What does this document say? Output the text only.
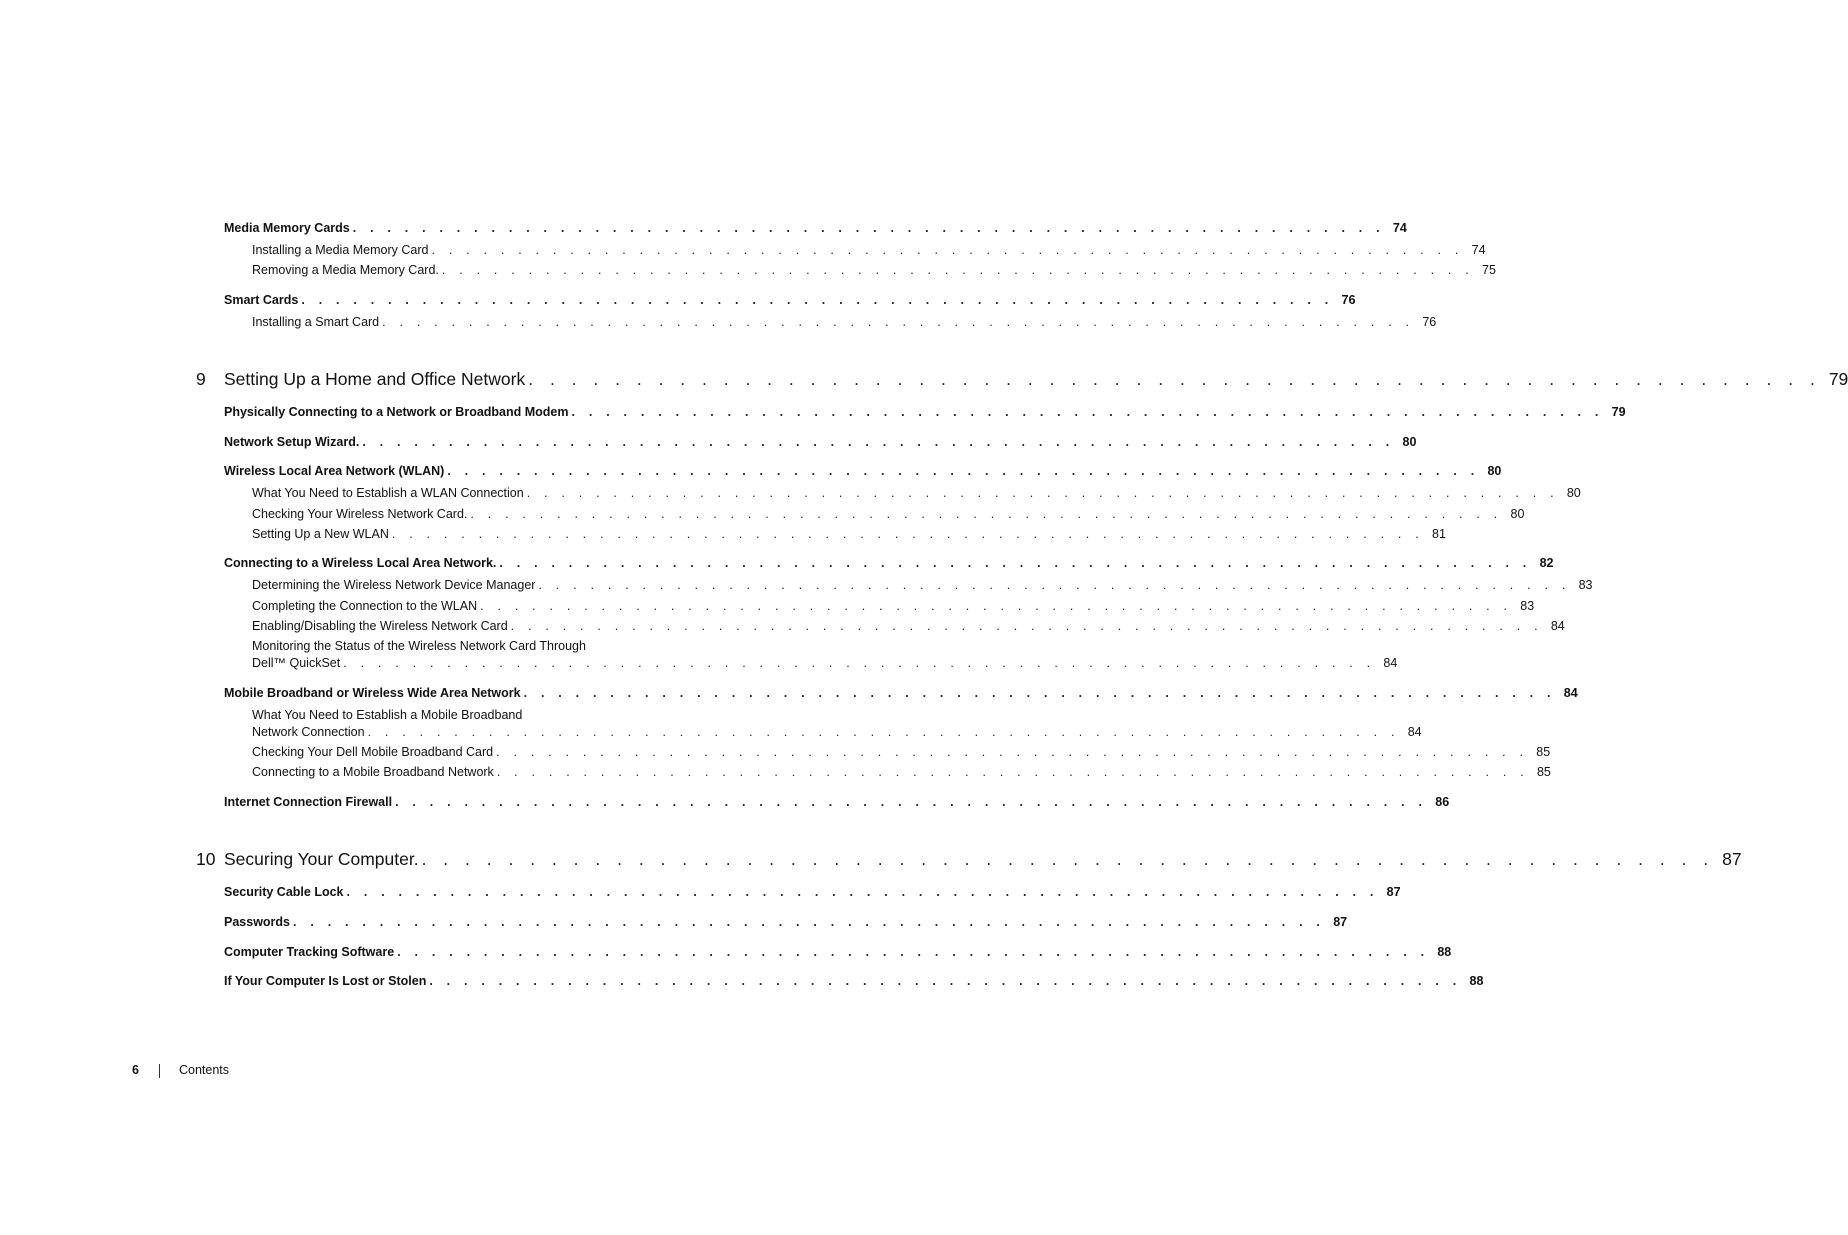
Media Memory Cards . . . . . . . . . . . . . . . . . . . . . . . . . . . . . . . . . . . . . . . . . . . . . . . . . . . . . . . . . . . . 74
Installing a Media Memory Card . . . . . . . . . . . . . . . . . . . . . . . . . . . . . . . . . . . . . . . . . . . . . . . . . . . . . . . . . . . . 74
Removing a Media Memory Card. . . . . . . . . . . . . . . . . . . . . . . . . . . . . . . . . . . . . . . . . . . . . . . . . . . . . . . . . . . . . 75
Smart Cards . . . . . . . . . . . . . . . . . . . . . . . . . . . . . . . . . . . . . . . . . . . . . . . . . . . . . . . . . . . . 76
Installing a Smart Card . . . . . . . . . . . . . . . . . . . . . . . . . . . . . . . . . . . . . . . . . . . . . . . . . . . . . . . . . . . . 76
9 Setting Up a Home and Office Network . . . . . . . . . . . . . . . . . . . . . . . . . . . . . . . . . . . . . . . . . . . . . . . . . . . . . . . . . . . . 79
Physically Connecting to a Network or Broadband Modem . . . . . . . . . . . . . . . . . . . . . . . . . . . . . . . . . . . . . . . . . . . . . . . . . . . . . . . . . . . . 79
Network Setup Wizard. . . . . . . . . . . . . . . . . . . . . . . . . . . . . . . . . . . . . . . . . . . . . . . . . . . . . . . . . . . . . 80
Wireless Local Area Network (WLAN) . . . . . . . . . . . . . . . . . . . . . . . . . . . . . . . . . . . . . . . . . . . . . . . . . . . . . . . . . . . . 80
What You Need to Establish a WLAN Connection . . . . . . . . . . . . . . . . . . . . . . . . . . . . . . . . . . . . . . . . . . . . . . . . . . . . . . . . . . . . 80
Checking Your Wireless Network Card. . . . . . . . . . . . . . . . . . . . . . . . . . . . . . . . . . . . . . . . . . . . . . . . . . . . . . . . . . . . . 80
Setting Up a New WLAN . . . . . . . . . . . . . . . . . . . . . . . . . . . . . . . . . . . . . . . . . . . . . . . . . . . . . . . . . . . . 81
Connecting to a Wireless Local Area Network. . . . . . . . . . . . . . . . . . . . . . . . . . . . . . . . . . . . . . . . . . . . . . . . . . . . . . . . . . . . . 82
Determining the Wireless Network Device Manager . . . . . . . . . . . . . . . . . . . . . . . . . . . . . . . . . . . . . . . . . . . . . . . . . . . . . . . . . . . . 83
Completing the Connection to the WLAN . . . . . . . . . . . . . . . . . . . . . . . . . . . . . . . . . . . . . . . . . . . . . . . . . . . . . . . . . . . . 83
Enabling/Disabling the Wireless Network Card . . . . . . . . . . . . . . . . . . . . . . . . . . . . . . . . . . . . . . . . . . . . . . . . . . . . . . . . . . . . 84
Monitoring the Status of the Wireless Network Card Through
Dell™ QuickSet . . . . . . . . . . . . . . . . . . . . . . . . . . . . . . . . . . . . . . . . . . . . . . . . . . . . . . . . . . . . 84
Mobile Broadband or Wireless Wide Area Network . . . . . . . . . . . . . . . . . . . . . . . . . . . . . . . . . . . . . . . . . . . . . . . . . . . . . . . . . . . . 84
What You Need to Establish a Mobile Broadband
Network Connection . . . . . . . . . . . . . . . . . . . . . . . . . . . . . . . . . . . . . . . . . . . . . . . . . . . . . . . . . . . . 84
Checking Your Dell Mobile Broadband Card . . . . . . . . . . . . . . . . . . . . . . . . . . . . . . . . . . . . . . . . . . . . . . . . . . . . . . . . . . . . 85
Connecting to a Mobile Broadband Network . . . . . . . . . . . . . . . . . . . . . . . . . . . . . . . . . . . . . . . . . . . . . . . . . . . . . . . . . . . . 85
Internet Connection Firewall . . . . . . . . . . . . . . . . . . . . . . . . . . . . . . . . . . . . . . . . . . . . . . . . . . . . . . . . . . . . 86
10 Securing Your Computer. . . . . . . . . . . . . . . . . . . . . . . . . . . . . . . . . . . . . . . . . . . . . . . . . . . . . . . . . . . . . 87
Security Cable Lock . . . . . . . . . . . . . . . . . . . . . . . . . . . . . . . . . . . . . . . . . . . . . . . . . . . . . . . . . . . . 87
Passwords . . . . . . . . . . . . . . . . . . . . . . . . . . . . . . . . . . . . . . . . . . . . . . . . . . . . . . . . . . . . 87
Computer Tracking Software . . . . . . . . . . . . . . . . . . . . . . . . . . . . . . . . . . . . . . . . . . . . . . . . . . . . . . . . . . . . 88
If Your Computer Is Lost or Stolen . . . . . . . . . . . . . . . . . . . . . . . . . . . . . . . . . . . . . . . . . . . . . . . . . . . . . . . . . . . . 88
6	Contents
